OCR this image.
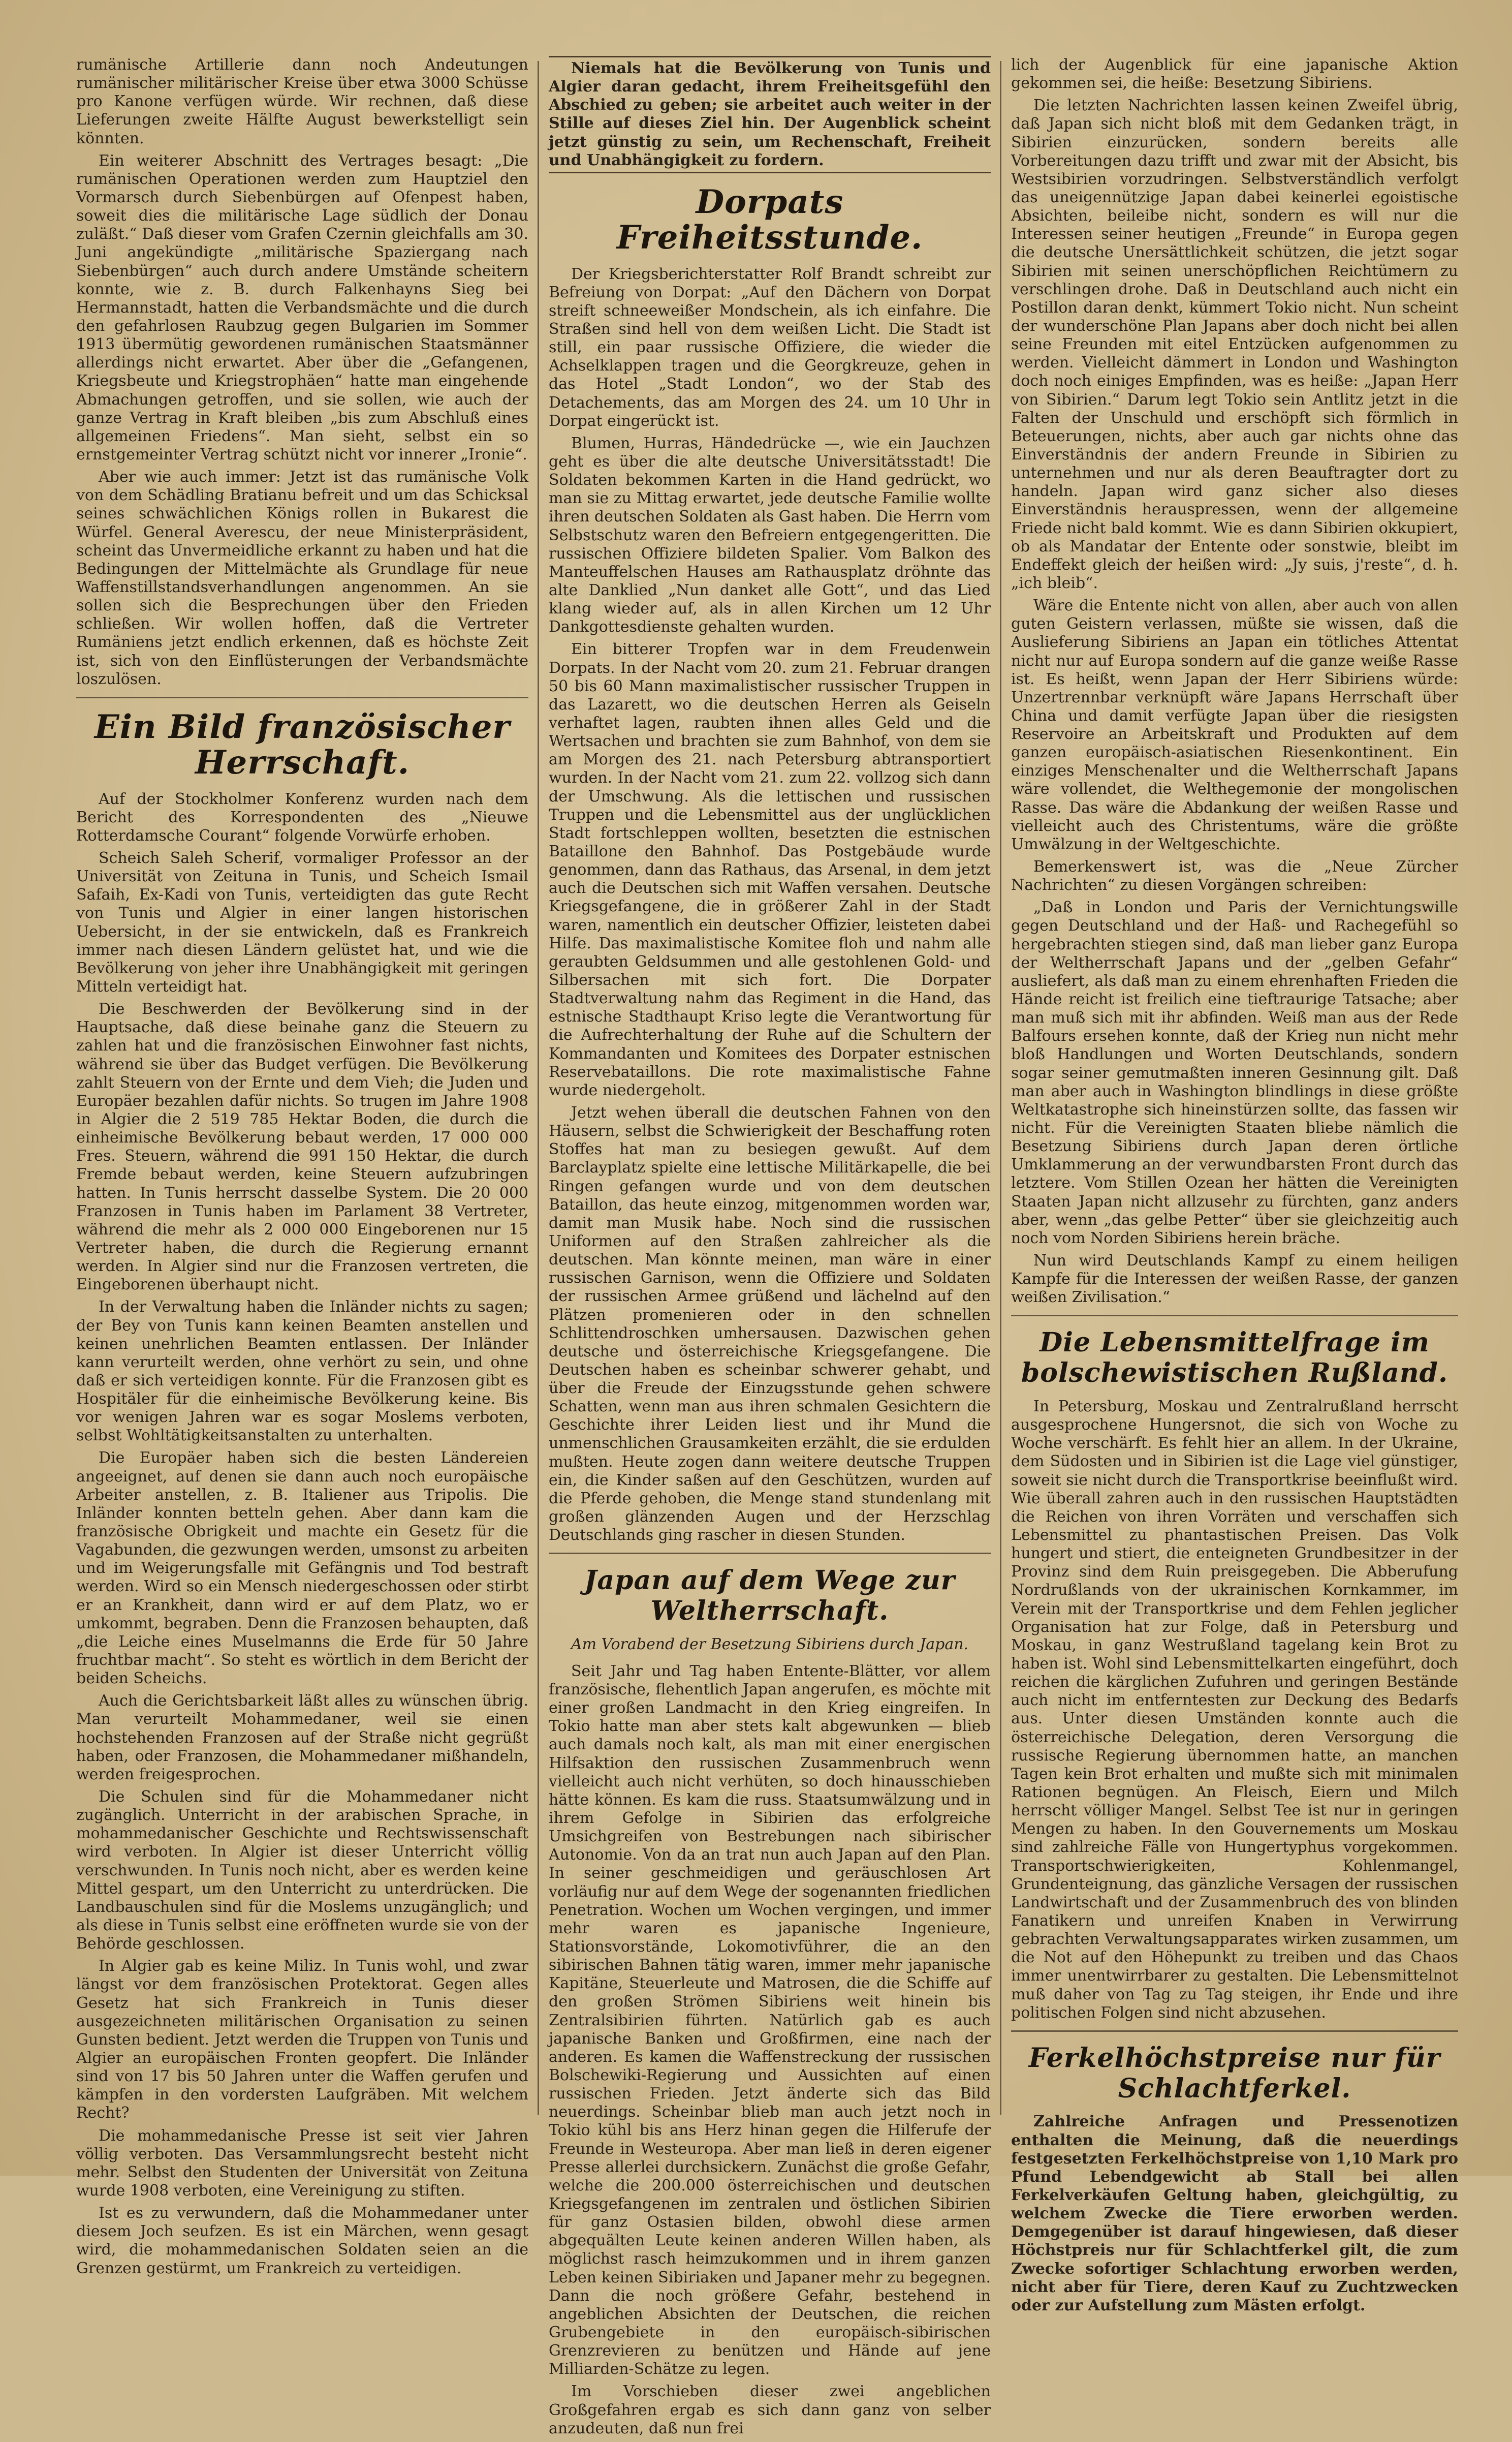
rumänische Artillerie dann noch Andeutungen rumänischer militärischer Kreise über etwa 3000 Schüsse pro Kanone verfügen würde. Wir rechnen, daß diese Lieferungen zweite Hälfte August bewerkstelligt sein könnten.

Ein weiterer Abschnitt des Vertrages besagt: „Die rumänischen Operationen werden zum Hauptziel den Vormarsch durch Siebenbürgen auf Ofenpest haben, soweit dies die militärische Lage südlich der Donau zuläßt.“ Daß dieser vom Grafen Czernin gleichfalls am 30. Juni angekündigte „militärische Spaziergang nach Siebenbürgen“ auch durch andere Umstände scheitern konnte, wie z. B. durch Falkenhayns Sieg bei Hermannstadt, hatten die Verbandsmächte und die durch den gefahrlosen Raubzug gegen Bulgarien im Sommer 1913 übermütig gewordenen rumänischen Staatsmänner allerdings nicht erwartet. Aber über die „Gefangenen, Kriegsbeute und Kriegstrophäen“ hatte man eingehende Abmachungen getroffen, und sie sollen, wie auch der ganze Vertrag in Kraft bleiben „bis zum Abschluß eines allgemeinen Friedens“. Man sieht, selbst ein so ernstgemeinter Vertrag schützt nicht vor innerer „Ironie“.

Aber wie auch immer: Jetzt ist das rumänische Volk von dem Schädling Bratianu befreit und um das Schicksal seines schwächlichen Königs rollen in Bukarest die Würfel. General Averescu, der neue Ministerpräsident, scheint das Unvermeidliche erkannt zu haben und hat die Bedingungen der Mittelmächte als Grundlage für neue Waffenstillstandsverhandlungen angenommen. An sie sollen sich die Besprechungen über den Frieden schließen. Wir wollen hoffen, daß die Vertreter Rumäniens jetzt endlich erkennen, daß es höchste Zeit ist, sich von den Einflüsterungen der Verbandsmächte loszulösen.

Ein Bild französischer Herrschaft.

Auf der Stockholmer Konferenz wurden nach dem Bericht des Korrespondenten des „Nieuwe Rotterdamsche Courant“ folgende Vorwürfe erhoben.

Scheich Saleh Scherif, vormaliger Professor an der Universität von Zeituna in Tunis, und Scheich Ismail Safaih, Ex-Kadi von Tunis, verteidigten das gute Recht von Tunis und Algier in einer langen historischen Uebersicht, in der sie entwickeln, daß es Frankreich immer nach diesen Ländern gelüstet hat, und wie die Bevölkerung von jeher ihre Unabhängigkeit mit geringen Mitteln verteidigt hat.

Die Beschwerden der Bevölkerung sind in der Hauptsache, daß diese beinahe ganz die Steuern zu zahlen hat und die französischen Einwohner fast nichts, während sie über das Budget verfügen. Die Bevölkerung zahlt Steuern von der Ernte und dem Vieh; die Juden und Europäer bezahlen dafür nichts. So trugen im Jahre 1908 in Algier die 2 519 785 Hektar Boden, die durch die einheimische Bevölkerung bebaut werden, 17 000 000 Fres. Steuern, während die 991 150 Hektar, die durch Fremde bebaut werden, keine Steuern aufzubringen hatten. In Tunis herrscht dasselbe System. Die 20 000 Franzosen in Tunis haben im Parlament 38 Vertreter, während die mehr als 2 000 000 Eingeborenen nur 15 Vertreter haben, die durch die Regierung ernannt werden. In Algier sind nur die Franzosen vertreten, die Eingeborenen überhaupt nicht.

In der Verwaltung haben die Inländer nichts zu sagen; der Bey von Tunis kann keinen Beamten anstellen und keinen unehrlichen Beamten entlassen. Der Inländer kann verurteilt werden, ohne verhört zu sein, und ohne daß er sich verteidigen konnte. Für die Franzosen gibt es Hospitäler für die einheimische Bevölkerung keine. Bis vor wenigen Jahren war es sogar Moslems verboten, selbst Wohltätigkeitsanstalten zu unterhalten.

Die Europäer haben sich die besten Ländereien angeeignet, auf denen sie dann auch noch europäische Arbeiter anstellen, z. B. Italiener aus Tripolis. Die Inländer konnten betteln gehen. Aber dann kam die französische Obrigkeit und machte ein Gesetz für die Vagabunden, die gezwungen werden, umsonst zu arbeiten und im Weigerungsfalle mit Gefängnis und Tod bestraft werden. Wird so ein Mensch niedergeschossen oder stirbt er an Krankheit, dann wird er auf dem Platz, wo er umkommt, begraben. Denn die Franzosen behaupten, daß „die Leiche eines Muselmanns die Erde für 50 Jahre fruchtbar macht“. So steht es wörtlich in dem Bericht der beiden Scheichs.

Auch die Gerichtsbarkeit läßt alles zu wünschen übrig. Man verurteilt Mohammedaner, weil sie einen hochstehenden Franzosen auf der Straße nicht gegrüßt haben, oder Franzosen, die Mohammedaner mißhandeln, werden freigesprochen.

Die Schulen sind für die Mohammedaner nicht zugänglich. Unterricht in der arabischen Sprache, in mohammedanischer Geschichte und Rechtswissenschaft wird verboten. In Algier ist dieser Unterricht völlig verschwunden. In Tunis noch nicht, aber es werden keine Mittel gespart, um den Unterricht zu unterdrücken. Die Landbauschulen sind für die Moslems unzugänglich; und als diese in Tunis selbst eine eröffneten wurde sie von der Behörde geschlossen.

In Algier gab es keine Miliz. In Tunis wohl, und zwar längst vor dem französischen Protektorat. Gegen alles Gesetz hat sich Frankreich in Tunis dieser ausgezeichneten militärischen Organisation zu seinen Gunsten bedient. Jetzt werden die Truppen von Tunis und Algier an europäischen Fronten geopfert. Die Inländer sind von 17 bis 50 Jahren unter die Waffen gerufen und kämpfen in den vordersten Laufgräben. Mit welchem Recht?

Die mohammedanische Presse ist seit vier Jahren völlig verboten. Das Versammlungsrecht besteht nicht mehr. Selbst den Studenten der Universität von Zeituna wurde 1908 verboten, eine Vereinigung zu stiften.

Ist es zu verwundern, daß die Mohammedaner unter diesem Joch seufzen. Es ist ein Märchen, wenn gesagt wird, die mohammedanischen Soldaten seien an die Grenzen gestürmt, um Frankreich zu verteidigen.

Niemals hat die Bevölkerung von Tunis und Algier daran gedacht, ihrem Freiheitsgefühl den Abschied zu geben; sie arbeitet auch weiter in der Stille auf dieses Ziel hin. Der Augenblick scheint jetzt günstig zu sein, um Rechenschaft, Freiheit und Unabhängigkeit zu fordern.

Dorpats Freiheitsstunde.

Der Kriegsberichterstatter Rolf Brandt schreibt zur Befreiung von Dorpat: „Auf den Dächern von Dorpat streift schneeweißer Mondschein, als ich einfahre. Die Straßen sind hell von dem weißen Licht. Die Stadt ist still, ein paar russische Offiziere, die wieder die Achselklappen tragen und die Georgkreuze, gehen in das Hotel „Stadt London“, wo der Stab des Detachements, das am Morgen des 24. um 10 Uhr in Dorpat eingerückt ist.

Blumen, Hurras, Händedrücke —, wie ein Jauchzen geht es über die alte deutsche Universitätsstadt! Die Soldaten bekommen Karten in die Hand gedrückt, wo man sie zu Mittag erwartet, jede deutsche Familie wollte ihren deutschen Soldaten als Gast haben. Die Herrn vom Selbstschutz waren den Befreiern entgegengeritten. Die russischen Offiziere bildeten Spalier. Vom Balkon des Manteuffelschen Hauses am Rathausplatz dröhnte das alte Danklied „Nun danket alle Gott“, und das Lied klang wieder auf, als in allen Kirchen um 12 Uhr Dankgottesdienste gehalten wurden.

Ein bitterer Tropfen war in dem Freudenwein Dorpats. In der Nacht vom 20. zum 21. Februar drangen 50 bis 60 Mann maximalistischer russischer Truppen in das Lazarett, wo die deutschen Herren als Geiseln verhaftet lagen, raubten ihnen alles Geld und die Wertsachen und brachten sie zum Bahnhof, von dem sie am Morgen des 21. nach Petersburg abtransportiert wurden. In der Nacht vom 21. zum 22. vollzog sich dann der Umschwung. Als die lettischen und russischen Truppen und die Lebensmittel aus der unglücklichen Stadt fortschleppen wollten, besetzten die estnischen Bataillone den Bahnhof. Das Postgebäude wurde genommen, dann das Rathaus, das Arsenal, in dem jetzt auch die Deutschen sich mit Waffen versahen. Deutsche Kriegsgefangene, die in größerer Zahl in der Stadt waren, namentlich ein deutscher Offizier, leisteten dabei Hilfe. Das maximalistische Komitee floh und nahm alle geraubten Geldsummen und alle gestohlenen Gold- und Silbersachen mit sich fort. Die Dorpater Stadtverwaltung nahm das Regiment in die Hand, das estnische Stadthaupt Kriso legte die Verantwortung für die Aufrechterhaltung der Ruhe auf die Schultern der Kommandanten und Komitees des Dorpater estnischen Reservebataillons. Die rote maximalistische Fahne wurde niedergeholt.

Jetzt wehen überall die deutschen Fahnen von den Häusern, selbst die Schwierigkeit der Beschaffung roten Stoffes hat man zu besiegen gewußt. Auf dem Barclayplatz spielte eine lettische Militärkapelle, die bei Ringen gefangen wurde und von dem deutschen Bataillon, das heute einzog, mitgenommen worden war, damit man Musik habe. Noch sind die russischen Uniformen auf den Straßen zahlreicher als die deutschen. Man könnte meinen, man wäre in einer russischen Garnison, wenn die Offiziere und Soldaten der russischen Armee grüßend und lächelnd auf den Plätzen promenieren oder in den schnellen Schlittendroschken umhersausen. Dazwischen gehen deutsche und österreichische Kriegsgefangene. Die Deutschen haben es scheinbar schwerer gehabt, und über die Freude der Einzugsstunde gehen schwere Schatten, wenn man aus ihren schmalen Gesichtern die Geschichte ihrer Leiden liest und ihr Mund die unmenschlichen Grausamkeiten erzählt, die sie erdulden mußten. Heute zogen dann weitere deutsche Truppen ein, die Kinder saßen auf den Geschützen, wurden auf die Pferde gehoben, die Menge stand stundenlang mit großen glänzenden Augen und der Herzschlag Deutschlands ging rascher in diesen Stunden.

Japan auf dem Wege zur Weltherrschaft.
Am Vorabend der Besetzung Sibiriens durch Japan.

Seit Jahr und Tag haben Entente-Blätter, vor allem französische, flehentlich Japan angerufen, es möchte mit einer großen Landmacht in den Krieg eingreifen. In Tokio hatte man aber stets kalt abgewunken — blieb auch damals noch kalt, als man mit einer energischen Hilfsaktion den russischen Zusammenbruch wenn vielleicht auch nicht verhüten, so doch hinausschieben hätte können. Es kam die russ. Staatsumwälzung und in ihrem Gefolge in Sibirien das erfolgreiche Umsichgreifen von Bestrebungen nach sibirischer Autonomie. Von da an trat nun auch Japan auf den Plan. In seiner geschmeidigen und geräuschlosen Art vorläufig nur auf dem Wege der sogenannten friedlichen Penetration. Wochen um Wochen vergingen, und immer mehr waren es japanische Ingenieure, Stationsvorstände, Lokomotivführer, die an den sibirischen Bahnen tätig waren, immer mehr japanische Kapitäne, Steuerleute und Matrosen, die die Schiffe auf den großen Strömen Sibiriens weit hinein bis Zentralsibirien führten. Natürlich gab es auch japanische Banken und Großfirmen, eine nach der anderen. Es kamen die Waffenstreckung der russischen Bolschewiki-Regierung und Aussichten auf einen russischen Frieden. Jetzt änderte sich das Bild neuerdings. Scheinbar blieb man auch jetzt noch in Tokio kühl bis ans Herz hinan gegen die Hilferufe der Freunde in Westeuropa. Aber man ließ in deren eigener Presse allerlei durchsickern. Zunächst die große Gefahr, welche die 200.000 österreichischen und deutschen Kriegsgefangenen im zentralen und östlichen Sibirien für ganz Ostasien bilden, obwohl diese armen abgequälten Leute keinen anderen Willen haben, als möglichst rasch heimzukommen und in ihrem ganzen Leben keinen Sibiriaken und Japaner mehr zu begegnen. Dann die noch größere Gefahr, bestehend in angeblichen Absichten der Deutschen, die reichen Grubengebiete in den europäisch-sibirischen Grenzrevieren zu benützen und Hände auf jene Milliarden-Schätze zu legen.

Im Vorschieben dieser zwei angeblichen Großgefahren ergab es sich dann ganz von selber anzudeuten, daß nun frei

lich der Augenblick für eine japanische Aktion gekommen sei, die heiße: Besetzung Sibiriens.

Die letzten Nachrichten lassen keinen Zweifel übrig, daß Japan sich nicht bloß mit dem Gedanken trägt, in Sibirien einzurücken, sondern bereits alle Vorbereitungen dazu trifft und zwar mit der Absicht, bis Westsibirien vorzudringen. Selbstverständlich verfolgt das uneigennützige Japan dabei keinerlei egoistische Absichten, beileibe nicht, sondern es will nur die Interessen seiner heutigen „Freunde“ in Europa gegen die deutsche Unersättlichkeit schützen, die jetzt sogar Sibirien mit seinen unerschöpflichen Reichtümern zu verschlingen drohe. Daß in Deutschland auch nicht ein Postillon daran denkt, kümmert Tokio nicht. Nun scheint der wunderschöne Plan Japans aber doch nicht bei allen seine Freunden mit eitel Entzücken aufgenommen zu werden. Vielleicht dämmert in London und Washington doch noch einiges Empfinden, was es heiße: „Japan Herr von Sibirien.“ Darum legt Tokio sein Antlitz jetzt in die Falten der Unschuld und erschöpft sich förmlich in Beteuerungen, nichts, aber auch gar nichts ohne das Einverständnis der andern Freunde in Sibirien zu unternehmen und nur als deren Beauftragter dort zu handeln. Japan wird ganz sicher also dieses Einverständnis herauspressen, wenn der allgemeine Friede nicht bald kommt. Wie es dann Sibirien okkupiert, ob als Mandatar der Entente oder sonstwie, bleibt im Endeffekt gleich der heißen wird: „Jy suis, j'reste“, d. h. „ich bleib“.

Wäre die Entente nicht von allen, aber auch von allen guten Geistern verlassen, müßte sie wissen, daß die Auslieferung Sibiriens an Japan ein tötliches Attentat nicht nur auf Europa sondern auf die ganze weiße Rasse ist. Es heißt, wenn Japan der Herr Sibiriens würde: Unzertrennbar verknüpft wäre Japans Herrschaft über China und damit verfügte Japan über die riesigsten Reservoire an Arbeitskraft und Produkten auf dem ganzen europäisch-asiatischen Riesenkontinent. Ein einziges Menschenalter und die Weltherrschaft Japans wäre vollendet, die Welthegemonie der mongolischen Rasse. Das wäre die Abdankung der weißen Rasse und vielleicht auch des Christentums, wäre die größte Umwälzung in der Weltgeschichte.

Bemerkenswert ist, was die „Neue Zürcher Nachrichten“ zu diesen Vorgängen schreiben:

„Daß in London und Paris der Vernichtungswille gegen Deutschland und der Haß- und Rachegefühl so hergebrachten stiegen sind, daß man lieber ganz Europa der Weltherrschaft Japans und der „gelben Gefahr“ ausliefert, als daß man zu einem ehrenhaften Frieden die Hände reicht ist freilich eine tieftraurige Tatsache; aber man muß sich mit ihr abfinden. Weiß man aus der Rede Balfours ersehen konnte, daß der Krieg nun nicht mehr bloß Handlungen und Worten Deutschlands, sondern sogar seiner gemutmaßten inneren Gesinnung gilt. Daß man aber auch in Washington blindlings in diese größte Weltkatastrophe sich hineinstürzen sollte, das fassen wir nicht. Für die Vereinigten Staaten bliebe nämlich die Besetzung Sibiriens durch Japan deren örtliche Umklammerung an der verwundbarsten Front durch das letztere. Vom Stillen Ozean her hätten die Vereinigten Staaten Japan nicht allzusehr zu fürchten, ganz anders aber, wenn „das gelbe Petter“ über sie gleichzeitig auch noch vom Norden Sibiriens herein bräche.

Nun wird Deutschlands Kampf zu einem heiligen Kampfe für die Interessen der weißen Rasse, der ganzen weißen Zivilisation.“

Die Lebensmittelfrage im bolschewistischen Rußland.

In Petersburg, Moskau und Zentralrußland herrscht ausgesprochene Hungersnot, die sich von Woche zu Woche verschärft. Es fehlt hier an allem. In der Ukraine, dem Südosten und in Sibirien ist die Lage viel günstiger, soweit sie nicht durch die Transportkrise beeinflußt wird. Wie überall zahren auch in den russischen Hauptstädten die Reichen von ihren Vorräten und verschaffen sich Lebensmittel zu phantastischen Preisen. Das Volk hungert und stiert, die enteigneten Grundbesitzer in der Provinz sind dem Ruin preisgegeben. Die Abberufung Nordrußlands von der ukrainischen Kornkammer, im Verein mit der Transportkrise und dem Fehlen jeglicher Organisation hat zur Folge, daß in Petersburg und Moskau, in ganz Westrußland tagelang kein Brot zu haben ist. Wohl sind Lebensmittelkarten eingeführt, doch reichen die kärglichen Zufuhren und geringen Bestände auch nicht im entferntesten zur Deckung des Bedarfs aus. Unter diesen Umständen konnte auch die österreichische Delegation, deren Versorgung die russische Regierung übernommen hatte, an manchen Tagen kein Brot erhalten und mußte sich mit minimalen Rationen begnügen. An Fleisch, Eiern und Milch herrscht völliger Mangel. Selbst Tee ist nur in geringen Mengen zu haben. In den Gouvernements um Moskau sind zahlreiche Fälle von Hungertyphus vorgekommen. Transportschwierigkeiten, Kohlenmangel, Grundenteignung, das gänzliche Versagen der russischen Landwirtschaft und der Zusammenbruch des von blinden Fanatikern und unreifen Knaben in Verwirrung gebrachten Verwaltungsapparates wirken zusammen, um die Not auf den Höhepunkt zu treiben und das Chaos immer unentwirrbarer zu gestalten. Die Lebensmittelnot muß daher von Tag zu Tag steigen, ihr Ende und ihre politischen Folgen sind nicht abzusehen.

Ferkelhöchstpreise nur für Schlachtferkel.

Zahlreiche Anfragen und Pressenotizen enthalten die Meinung, daß die neuerdings festgesetzten Ferkelhöchstpreise von 1,10 Mark pro Pfund Lebendgewicht ab Stall bei allen Ferkelverkäufen Geltung haben, gleichgültig, zu welchem Zwecke die Tiere erworben werden. Demgegenüber ist darauf hingewiesen, daß dieser Höchstpreis nur für Schlachtferkel gilt, die zum Zwecke sofortiger Schlachtung erworben werden, nicht aber für Tiere, deren Kauf zu Zuchtzwecken oder zur Aufstellung zum Mästen erfolgt.
